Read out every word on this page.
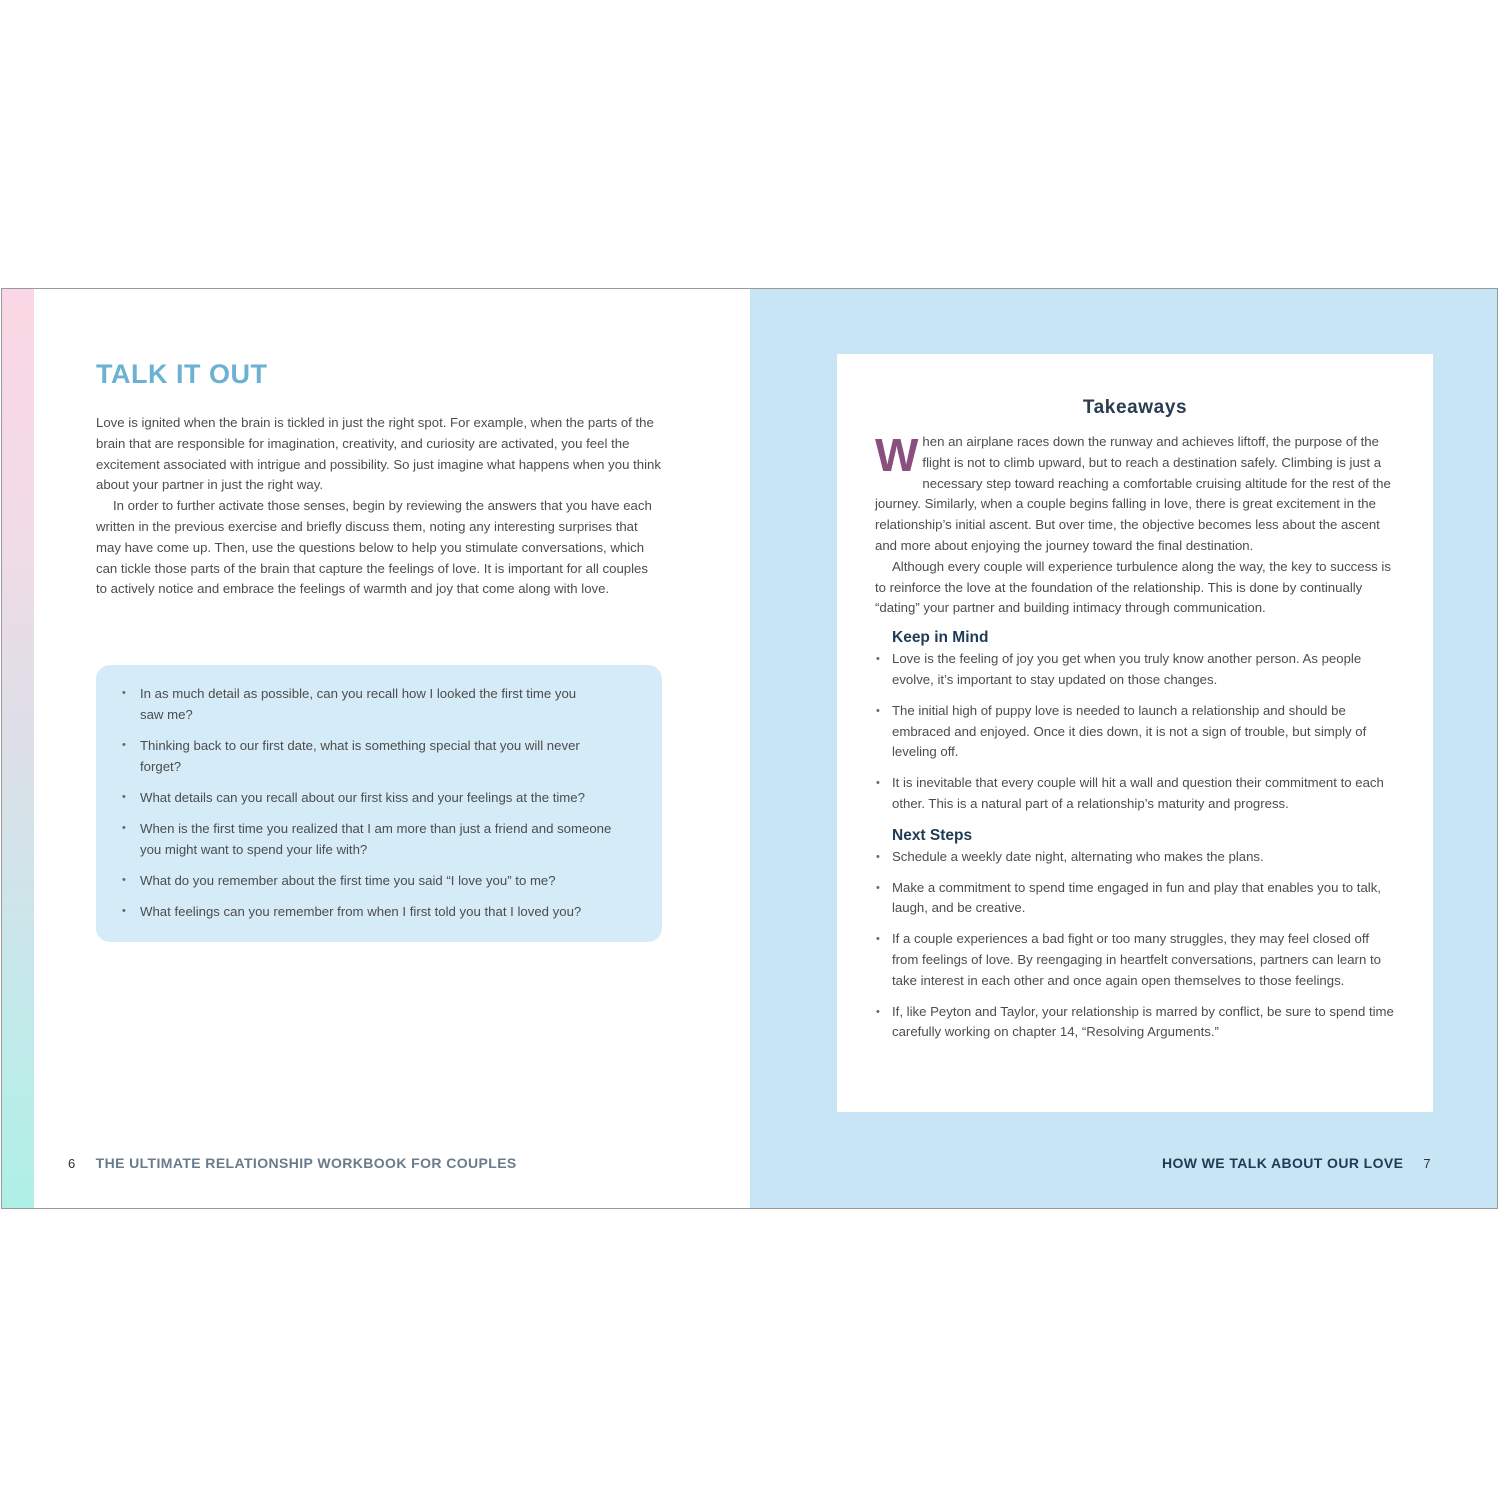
TALK IT OUT

Love is ignited when the brain is tickled in just the right spot. For example, when the parts of the brain that are responsible for imagination, creativity, and curiosity are activated, you feel the excitement associated with intrigue and possibility. So just imagine what happens when you think about your partner in just the right way.

In order to further activate those senses, begin by reviewing the answers that you have each written in the previous exercise and briefly discuss them, noting any interesting surprises that may have come up. Then, use the questions below to help you stimulate conversations, which can tickle those parts of the brain that capture the feelings of love. It is important for all couples to actively notice and embrace the feelings of warmth and joy that come along with love.

• In as much detail as possible, can you recall how I looked the first time you saw me?
• Thinking back to our first date, what is something special that you will never forget?
• What details can you recall about our first kiss and your feelings at the time?
• When is the first time you realized that I am more than just a friend and someone you might want to spend your life with?
• What do you remember about the first time you said “I love you” to me?
• What feelings can you remember from when I first told you that I loved you?
6 THE ULTIMATE RELATIONSHIP WORKBOOK FOR COUPLES
Takeaways

When an airplane races down the runway and achieves liftoff, the purpose of the flight is not to climb upward, but to reach a destination safely. Climbing is just a necessary step toward reaching a comfortable cruising altitude for the rest of the journey. Similarly, when a couple begins falling in love, there is great excitement in the relationship’s initial ascent. But over time, the objective becomes less about the ascent and more about enjoying the journey toward the final destination.

Although every couple will experience turbulence along the way, the key to success is to reinforce the love at the foundation of the relationship. This is done by continually “dating” your partner and building intimacy through communication.

Keep in Mind
• Love is the feeling of joy you get when you truly know another person. As people evolve, it’s important to stay updated on those changes.
• The initial high of puppy love is needed to launch a relationship and should be embraced and enjoyed. Once it dies down, it is not a sign of trouble, but simply of leveling off.
• It is inevitable that every couple will hit a wall and question their commitment to each other. This is a natural part of a relationship’s maturity and progress.
Next Steps
• Schedule a weekly date night, alternating who makes the plans.
• Make a commitment to spend time engaged in fun and play that enables you to talk, laugh, and be creative.
• If a couple experiences a bad fight or too many struggles, they may feel closed off from feelings of love. By reengaging in heartfelt conversations, partners can learn to take interest in each other and once again open themselves to those feelings.
• If, like Peyton and Taylor, your relationship is marred by conflict, be sure to spend time carefully working on chapter 14, “Resolving Arguments.”
HOW WE TALK ABOUT OUR LOVE 7
